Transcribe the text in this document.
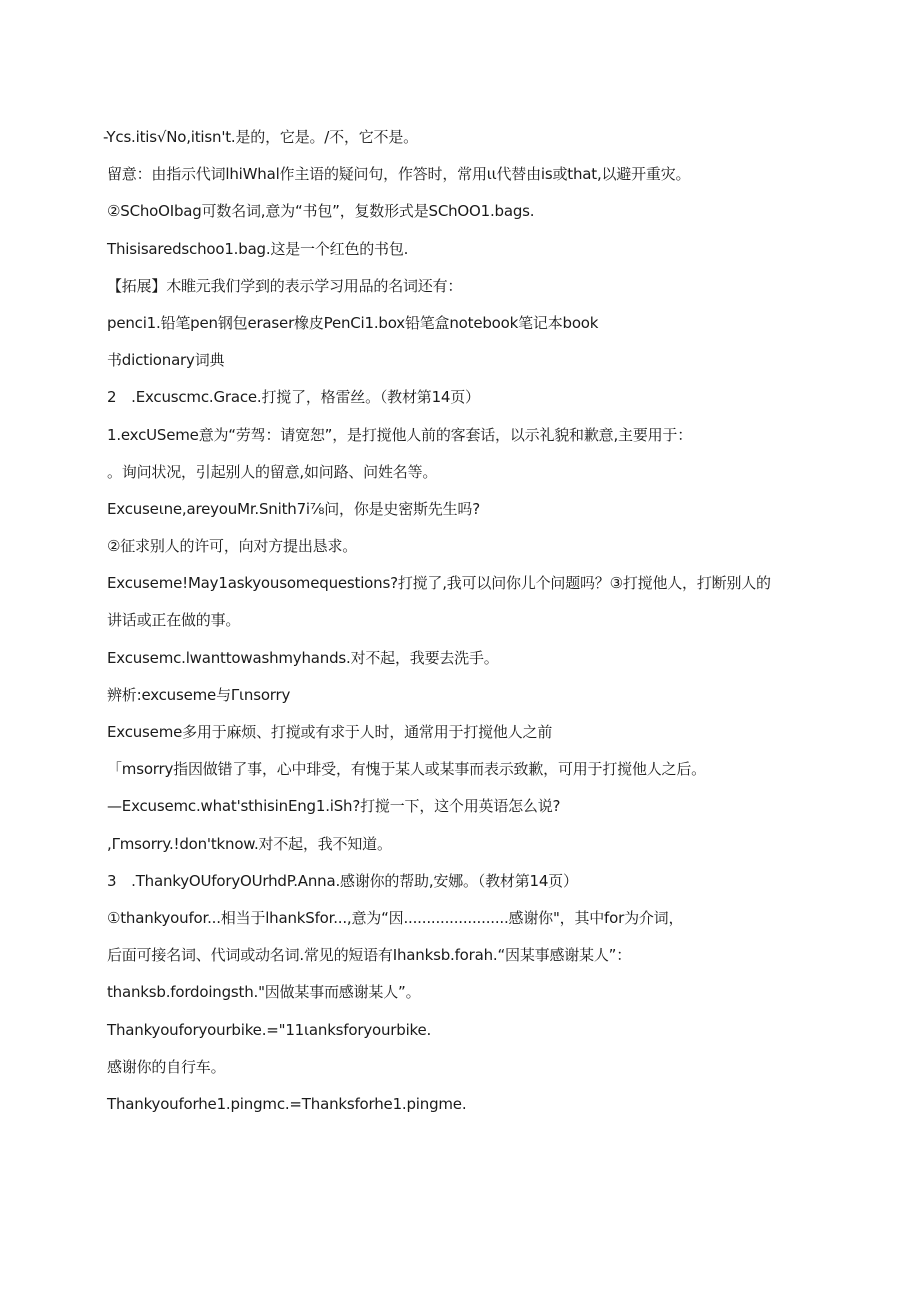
-Ycs.itis√No,itisn't.是的，它是。/不，它不是。
留意：由指示代词lhiWhal作主语的疑问句，作答时，常用ιι代替由is或that,以避开重灾。
②SChoOIbag可数名词,意为“书包”，复数形式是SChOO1.bags.
Thisisaredschoo1.bag.这是一个红色的书包.
【拓展】木睢元我们学到的表示学习用品的名词还有：
penci1.铅笔pen钢包eraser橡皮PenCi1.box铅笔盒notebook笔记本book
书dictionary词典
2　.Excuscmc.Grace.打搅了，格雷丝。（教材第14页）
1.excUSeme意为“劳驾：请宽恕”，是打搅他人前的客套话，以示礼貌和歉意,主要用于：
。询问状况，引起别人的留意,如问路、问姓名等。
Excuseιne,areyouMr.Snith7i⅞问，你是史密斯先生吗?
②征求别人的许可，向对方提出恳求。
Excuseme!May1askyousomequestions?打搅了,我可以问你儿个问题吗？③打搅他人，打断别人的
讲话或正在做的事。
Excusemc.lwanttowashmyhands.对不起，我要去洗手。
辨析:excuseme与Γιnsorry
Excuseme多用于麻烦、打搅或有求于人时，通常用于打搅他人之前
「msorry指因做错了事，心中琲受，有愧于某人或某事而表示致歉，可用于打搅他人之后。
—Excusemc.what'sthisinEng1.iSh?打搅一下，这个用英语怎么说?
,Γmsorry.!don'tknow.对不起，我不知道。
3　.ThankyOUforyOUrhdP.Anna.感谢你的帮助,安娜。（教材第14页）
①thankyoufor...相当于lhankSfor...,意为“因.......................感谢你"，其中for为介词，
后面可接名词、代词或动名词.常见的短语有Ihanksb.forah.“因某事感谢某人”：
thanksb.fordoingsth."因做某事而感谢某人”。
Thankyouforyourbike.="11ιanksforyourbike.
感谢你的自行车。
Thankyouforhe1.pingmc.=Thanksforhe1.pingme.
